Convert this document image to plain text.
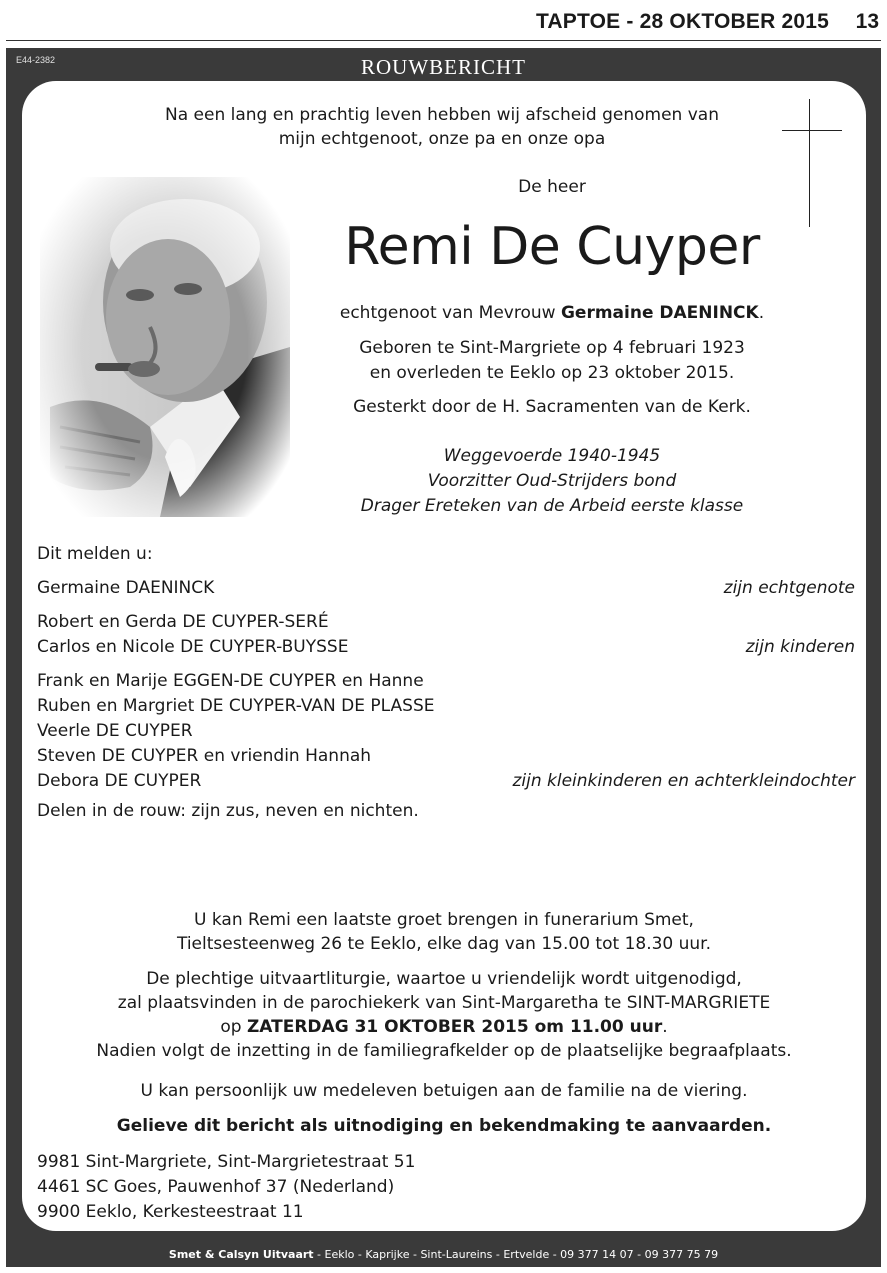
TAPTOE - 28 OKTOBER 2015 13
E44-2382	ROUWBERICHT
Na een lang en prachtig leven hebben wij afscheid genomen van
mijn echtgenoot, onze pa en onze opa
De heer
Remi De Cuyper
echtgenoot van Mevrouw Germaine DAENINCK.
Geboren te Sint-Margriete op 4 februari 1923
en overleden te Eeklo op 23 oktober 2015.
Gesterkt door de H. Sacramenten van de Kerk.
Weggevoerde 1940-1945
Voorzitter Oud-Strijders bond
Drager Ereteken van de Arbeid eerste klasse
Dit melden u:
Germaine DAENINCK	zijn echtgenote
Robert en Gerda DE CUYPER-SERÉ
Carlos en Nicole DE CUYPER-BUYSSE	zijn kinderen
Frank en Marije EGGEN-DE CUYPER en Hanne
Ruben en Margriet DE CUYPER-VAN DE PLASSE
Veerle DE CUYPER
Steven DE CUYPER en vriendin Hannah
Debora DE CUYPER	zijn kleinkinderen en achterkleindochter
Delen in de rouw: zijn zus, neven en nichten.
U kan Remi een laatste groet brengen in funerarium Smet,
Tieltsesteenweg 26 te Eeklo, elke dag van 15.00 tot 18.30 uur.
De plechtige uitvaartliturgie, waartoe u vriendelijk wordt uitgenodigd,
zal plaatsvinden in de parochiekerk van Sint-Margaretha te SINT-MARGRIETE
op ZATERDAG 31 OKTOBER 2015 om 11.00 uur.
Nadien volgt de inzetting in de familiegrafkelder op de plaatselijke begraafplaats.
U kan persoonlijk uw medeleven betuigen aan de familie na de viering.
Gelieve dit bericht als uitnodiging en bekendmaking te aanvaarden.
9981 Sint-Margriete, Sint-Margrietestraat 51
4461 SC Goes, Pauwenhof 37 (Nederland)
9900 Eeklo, Kerkesteestraat 11
Smet & Calsyn Uitvaart - Eeklo - Kaprijke - Sint-Laureins - Ertvelde - 09 377 14 07 - 09 377 75 79
